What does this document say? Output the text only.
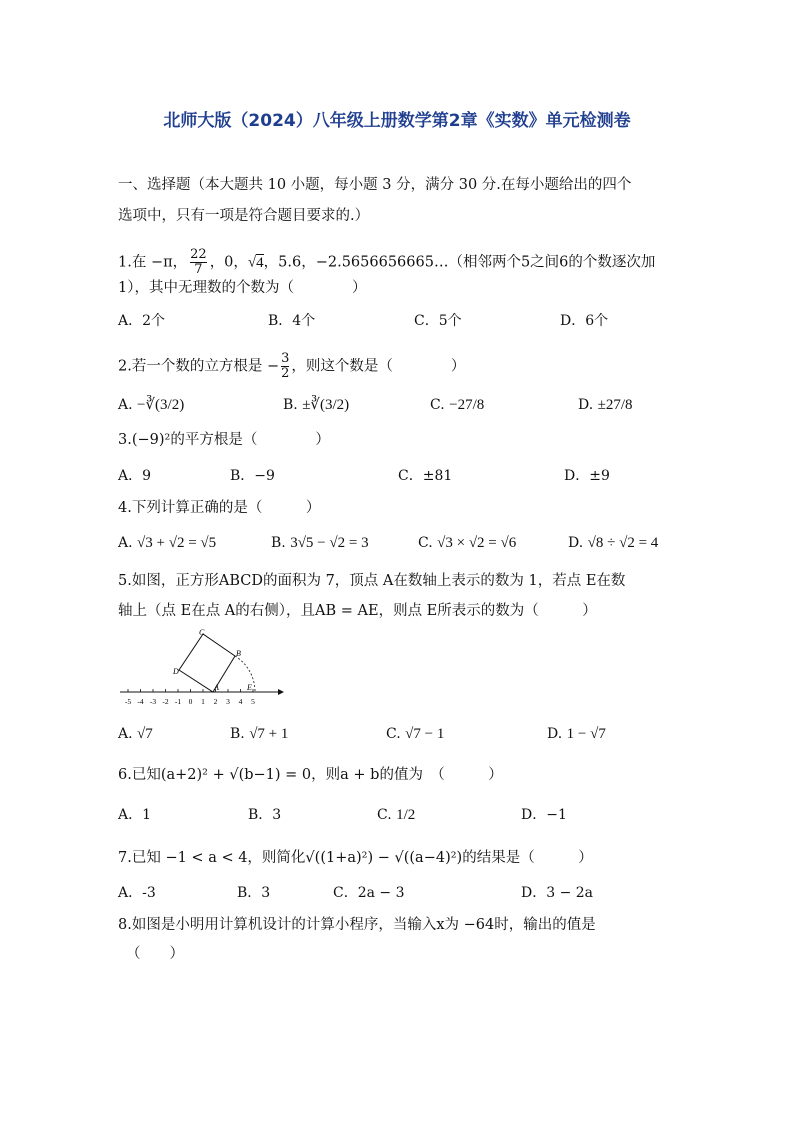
北师大版（2024）八年级上册数学第2章《实数》单元检测卷
一、选择题（本大题共 10 小题，每小题 3 分，满分 30 分.在每小题给出的四个
选项中，只有一项是符合题目要求的.）
1.在 −π， $\frac{22}{7}$ ，0，√4，5.6，−2.5656656665…（相邻两个5之间6的个数逐次加
1），其中无理数的个数为（　　　　）
A．2个	B．4个	C．5个	D．6个
2.若一个数的立方根是 − $\frac{3}{2}$ ，则这个数是（　　　　）
A. −∛(3/2)	B. ±∛(3/2)	C. −27/8	D. ±27/8
3.(−9)²的平方根是（　　　　）
A．9	B．−9	C．±81	D．±9
4.下列计算正确的是（　　　）
A. √3 + √2 = √5	B. 3√5 − √2 = 3	C. √3 × √2 = √6	D. √8 ÷ √2 = 4
5.如图，正方形ABCD的面积为 7，顶点 A在数轴上表示的数为 1，若点 E在数
轴上（点 E在点 A的右侧），且AB = AE，则点 E所表示的数为（　　　）
-5 -4 -3 -2 -1 0 1 2 3 4 5
A
B
C
D
E
A. √7	B. √7 + 1	C. √7 − 1	D. 1 − √7
6.已知(a+2)² + √(b−1) = 0，则a + b的值为　（　　　）
A．1	B．3	C. 1/2	D．−1
7.已知 −1 < a < 4，则简化√((1+a)²) − √((a−4)²)的结果是（　　　）
A．-3	B．3	C．2a − 3	D．3 − 2a
8.如图是小明用计算机设计的计算小程序，当输入x为 −64时，输出的值是
（　　）
